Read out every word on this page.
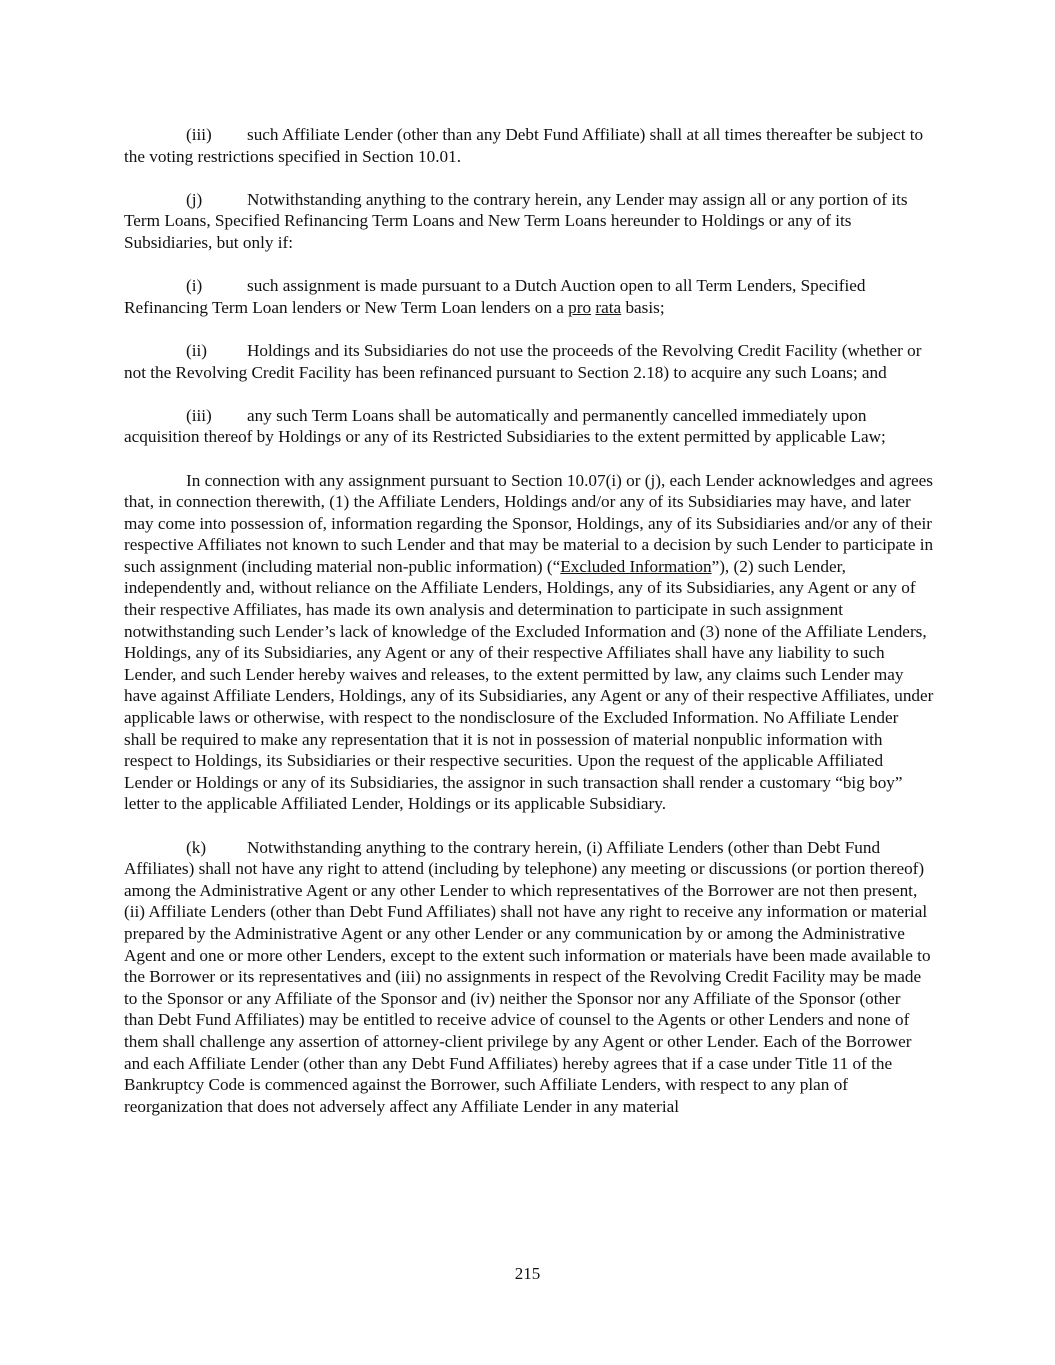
(iii) such Affiliate Lender (other than any Debt Fund Affiliate) shall at all times thereafter be subject to the voting restrictions specified in Section 10.01.

(j)	Notwithstanding anything to the contrary herein, any Lender may assign all or any portion of its Term Loans, Specified Refinancing Term Loans and New Term Loans hereunder to Holdings or any of its Subsidiaries, but only if:

(i)	such assignment is made pursuant to a Dutch Auction open to all Term Lenders, Specified Refinancing Term Loan lenders or New Term Loan lenders on a pro rata basis;

(ii) Holdings and its Subsidiaries do not use the proceeds of the Revolving Credit Facility (whether or not the Revolving Credit Facility has been refinanced pursuant to Section 2.18) to acquire any such Loans; and

(iii) any such Term Loans shall be automatically and permanently cancelled immediately upon acquisition thereof by Holdings or any of its Restricted Subsidiaries to the extent permitted by applicable Law;

In connection with any assignment pursuant to Section 10.07(i) or (j), each Lender acknowledges and agrees that, in connection therewith, (1) the Affiliate Lenders, Holdings and/or any of its Subsidiaries may have, and later may come into possession of, information regarding the Sponsor, Holdings, any of its Subsidiaries and/or any of their respective Affiliates not known to such Lender and that may be material to a decision by such Lender to participate in such assignment (including material non-public information) (“Excluded Information”), (2) such Lender, independently and, without reliance on the Affiliate Lenders, Holdings, any of its Subsidiaries, any Agent or any of their respective Affiliates, has made its own analysis and determination to participate in such assignment notwithstanding such Lender’s lack of knowledge of the Excluded Information and (3) none of the Affiliate Lenders, Holdings, any of its Subsidiaries, any Agent or any of their respective Affiliates shall have any liability to such Lender, and such Lender hereby waives and releases, to the extent permitted by law, any claims such Lender may have against Affiliate Lenders, Holdings, any of its Subsidiaries, any Agent or any of their respective Affiliates, under applicable laws or otherwise, with respect to the nondisclosure of the Excluded Information. No Affiliate Lender shall be required to make any representation that it is not in possession of material nonpublic information with respect to Holdings, its Subsidiaries or their respective securities. Upon the request of the applicable Affiliated Lender or Holdings or any of its Subsidiaries, the assignor in such transaction shall render a customary “big boy” letter to the applicable Affiliated Lender, Holdings or its applicable Subsidiary.

(k) Notwithstanding anything to the contrary herein, (i) Affiliate Lenders (other than Debt Fund Affiliates) shall not have any right to attend (including by telephone) any meeting or discussions (or portion thereof) among the Administrative Agent or any other Lender to which representatives of the Borrower are not then present, (ii) Affiliate Lenders (other than Debt Fund Affiliates) shall not have any right to receive any information or material prepared by the Administrative Agent or any other Lender or any communication by or among the Administrative Agent and one or more other Lenders, except to the extent such information or materials have been made available to the Borrower or its representatives and (iii) no assignments in respect of the Revolving Credit Facility may be made to the Sponsor or any Affiliate of the Sponsor and (iv) neither the Sponsor nor any Affiliate of the Sponsor (other than Debt Fund Affiliates) may be entitled to receive advice of counsel to the Agents or other Lenders and none of them shall challenge any assertion of attorney-client privilege by any Agent or other Lender. Each of the Borrower and each Affiliate Lender (other than any Debt Fund Affiliates) hereby agrees that if a case under Title 11 of the Bankruptcy Code is commenced against the Borrower, such Affiliate Lenders, with respect to any plan of reorganization that does not adversely affect any Affiliate Lender in any material

215
